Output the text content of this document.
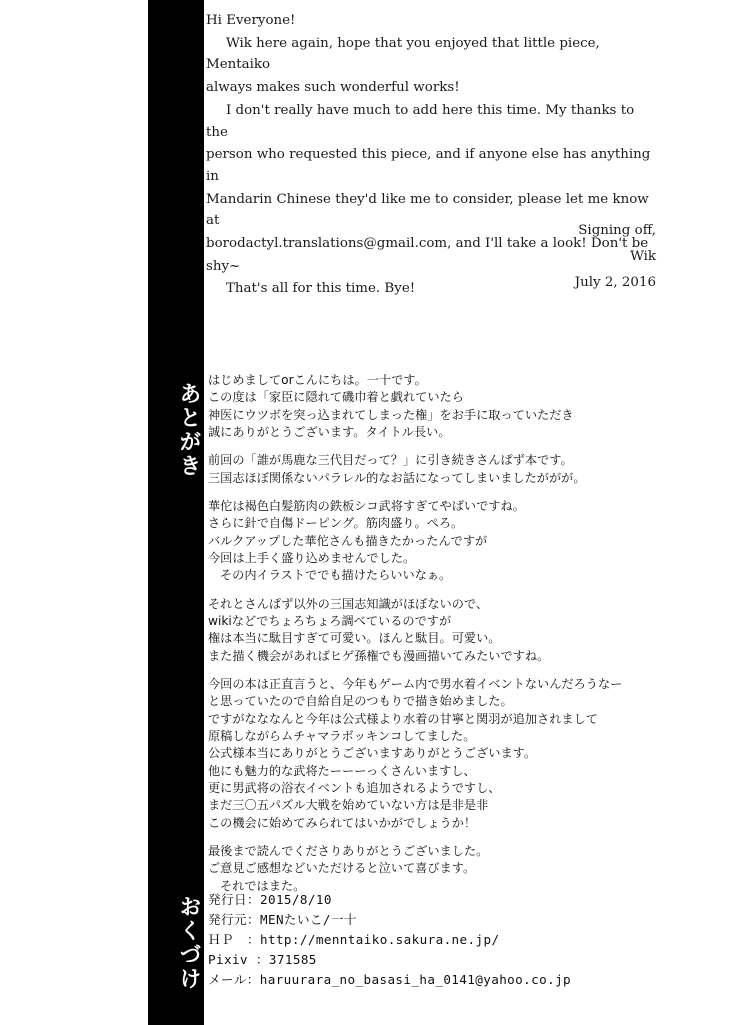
あとがき
おくづけ

Hi Everyone!

Wik here again, hope that you enjoyed that little piece, Mentaiko

always makes such wonderful works!

I don't really have much to add here this time. My thanks to the

person who requested this piece, and if anyone else has anything in

Mandarin Chinese they'd like me to consider, please let me know at

borodactyl.translations@gmail.com, and I'll take a look! Don't be

shy~

That's all for this time. Bye!

Signing off,
Wik
July 2, 2016
はじめましてorこんにちは。一十です。
この度は「家臣に隠れて磯巾着と戯れていたら
神医にウツボを突っ込まれてしまった権」をお手に取っていただき
誠にありがとうございます。タイトル長い。
前回の「誰が馬鹿な三代目だって？」に引き続きさんぱず本です。
三国志ほぼ関係ないパラレル的なお話になってしまいましたががが。
華佗は褐色白髪筋肉の鉄板シコ武将すぎてやばいですね。
さらに針で自傷ドーピング。筋肉盛り。ぺろ。
バルクアップした華佗さんも描きたかったんですが
今回は上手く盛り込めませんでした。
その内イラストででも描けたらいいなぁ。
それとさんぱず以外の三国志知識がほぼないので、
wikiなどでちょろちょろ調べているのですが
権は本当に駄目すぎて可愛い。ほんと駄目。可愛い。
また描く機会があればヒゲ孫権でも漫画描いてみたいですね。
今回の本は正直言うと、今年もゲーム内で男水着イベントないんだろうなー
と思っていたので自給自足のつもりで描き始めました。
ですがなななんと今年は公式様より水着の甘寧と関羽が追加されまして
原稿しながらムチャマラボッキンコしてました。
公式様本当にありがとうございますありがとうございます。
他にも魅力的な武将たーーーっくさんいますし、
更に男武将の浴衣イベントも追加されるようですし、
まだ三〇五パズル大戦を始めていない方は是非是非
この機会に始めてみられてはいかがでしょうか！
最後まで読んでくださりありがとうございました。
ご意見ご感想などいただけると泣いて喜びます。
それではまた。
発行日：2015/8/10
発行元：MENたいこ/一十
ＨＰ　：http://menntaiko.sakura.ne.jp/
Pixiv ：371585
メール：haruurara_no_basasi_ha_0141@yahoo.co.jp
